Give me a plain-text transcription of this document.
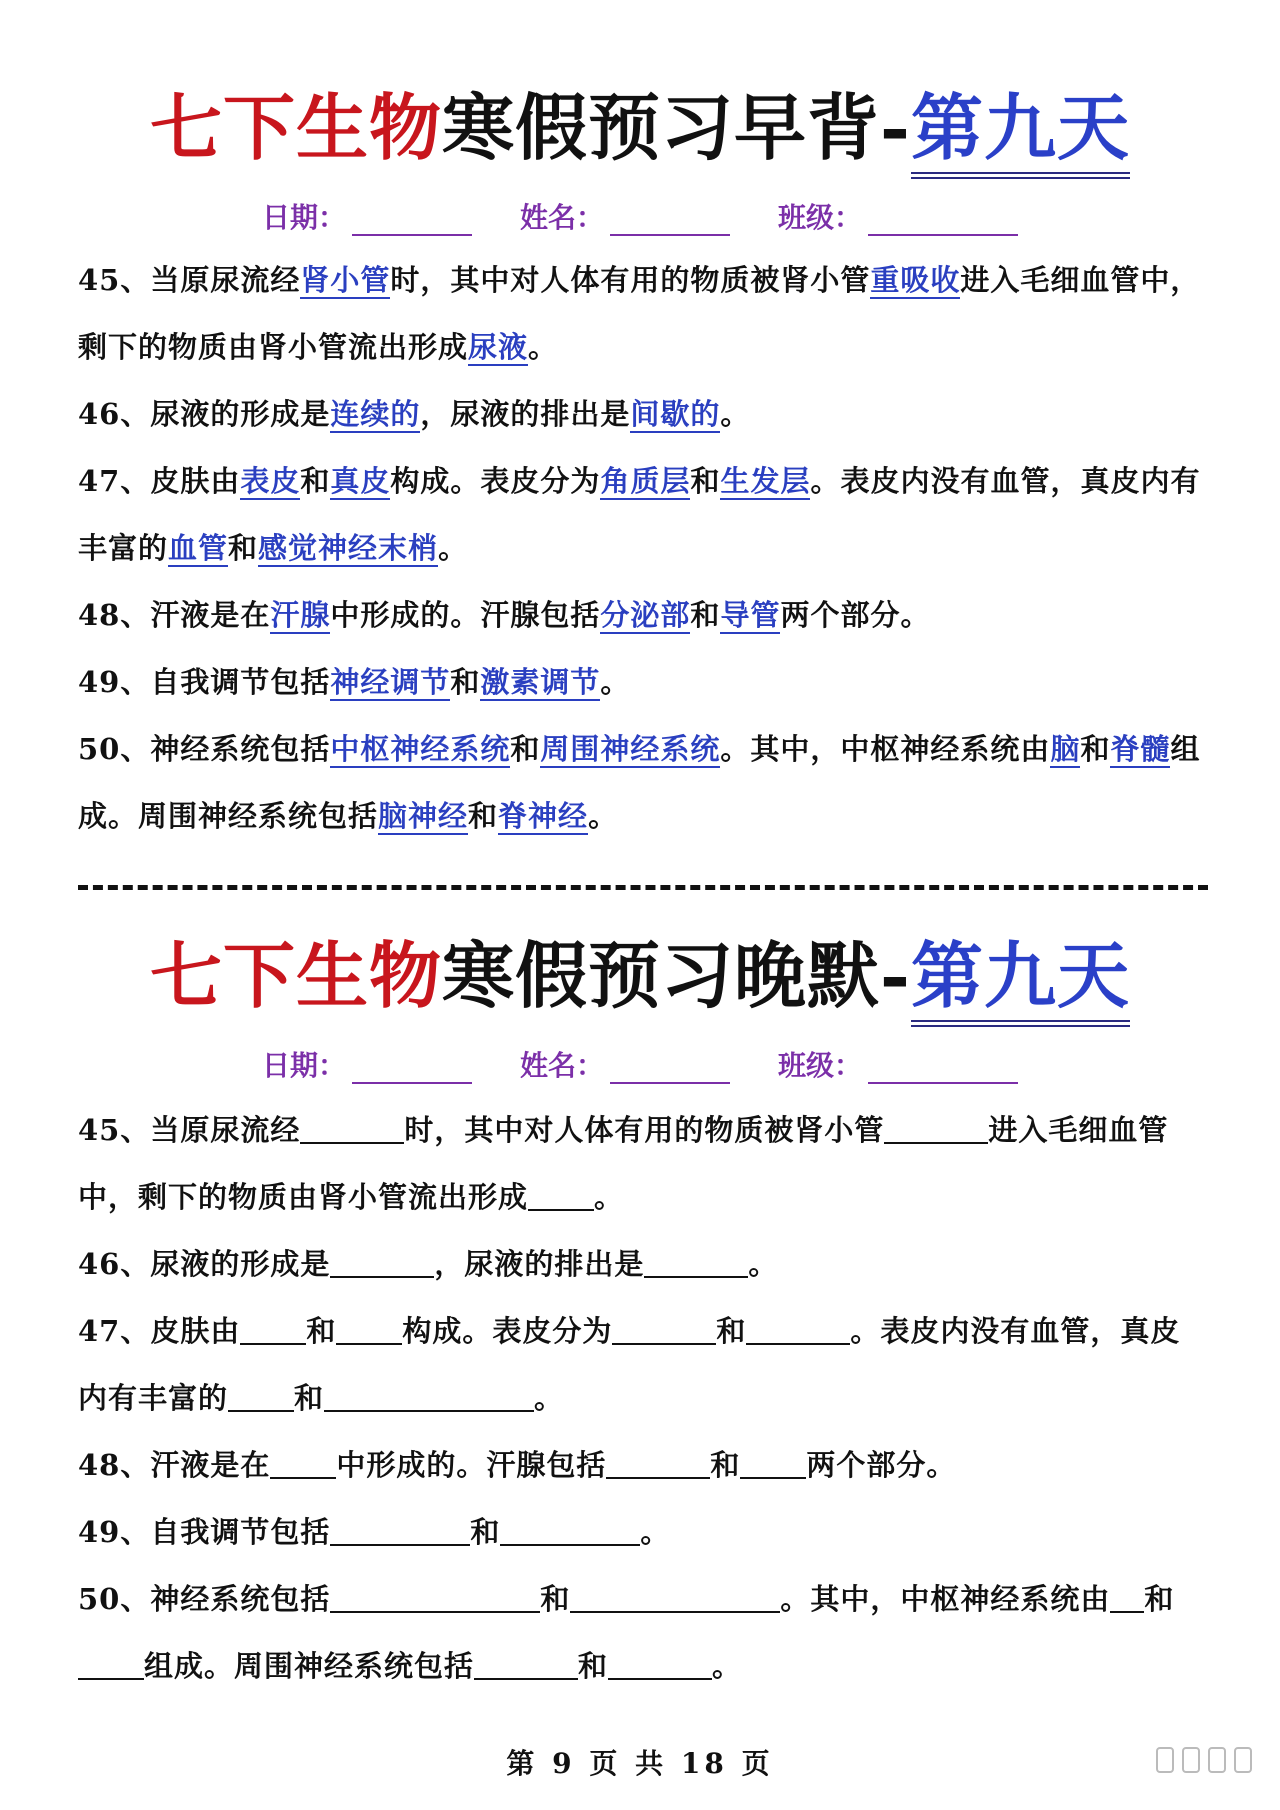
七下生物寒假预习早背-第九天
日期：	姓名：	班级：
45、当原尿流经肾小管时，其中对人体有用的物质被肾小管重吸收进入毛细血管中，剩下的物质由肾小管流出形成尿液。
46、尿液的形成是连续的，尿液的排出是间歇的。
47、皮肤由表皮和真皮构成。表皮分为角质层和生发层。表皮内没有血管，真皮内有丰富的血管和感觉神经末梢。
48、汗液是在汗腺中形成的。汗腺包括分泌部和导管两个部分。
49、自我调节包括神经调节和激素调节。
50、神经系统包括中枢神经系统和周围神经系统。其中，中枢神经系统由脑和脊髓组成。周围神经系统包括脑神经和脊神经。
七下生物寒假预习晚默-第九天
日期：	姓名：	班级：
45、当原尿流经	时，其中对人体有用的物质被肾小管	进入毛细血管中，剩下的物质由肾小管流出形成 。
46、尿液的形成是	，尿液的排出是	。
47、皮肤由 和 构成。表皮分为	和	。表皮内没有血管，真皮内有丰富的 和	。
48、汗液是在 中形成的。汗腺包括	和 两个部分。
49、自我调节包括	和	。
50、神经系统包括	和	。其中，中枢神经系统由 和组成。周围神经系统包括	和	。
第 9 页 共 18 页
